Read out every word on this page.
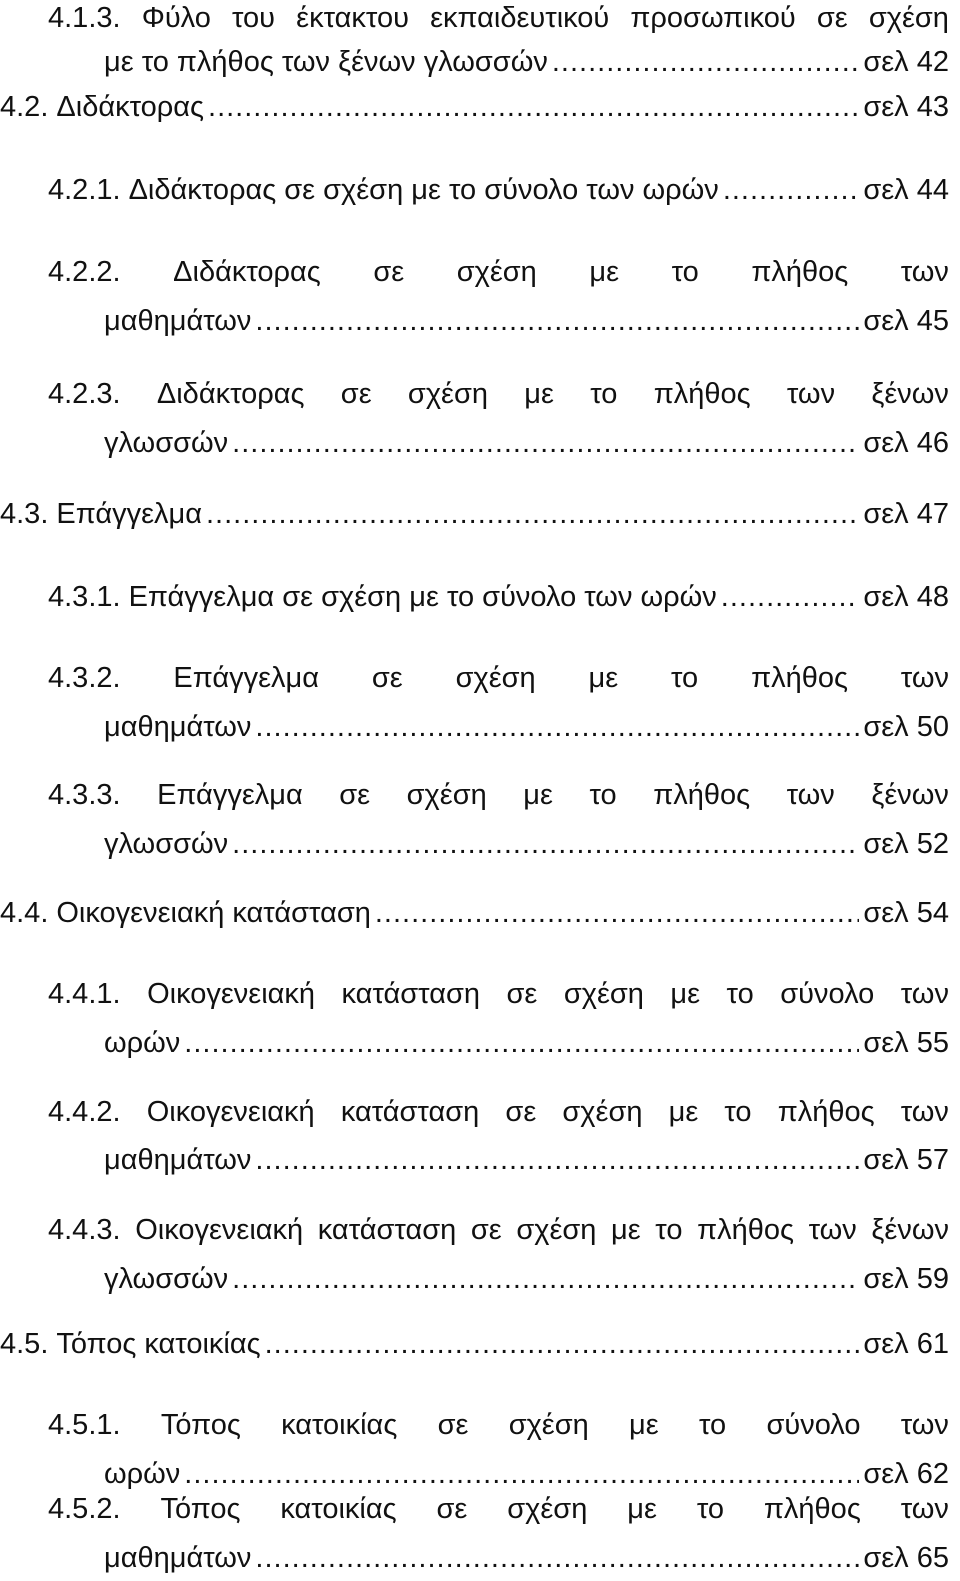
4.1.3. Φύλο του έκτακτου εκπαιδευτικού προσωπικού σε σχέση
με το πλήθος των ξένων γλωσσών .....	σελ 42
4.2. Διδάκτορας .....	σελ 43
4.2.1. Διδάκτορας σε σχέση με το σύνολο των ωρών .....	σελ 44
4.2.2. Διδάκτορας σε σχέση με το πλήθος των
μαθημάτων .....	σελ 45
4.2.3. Διδάκτορας σε σχέση με το πλήθος των ξένων
γλωσσών .....	σελ 46
4.3. Επάγγελμα .....	σελ 47
4.3.1. Επάγγελμα σε σχέση με το σύνολο των ωρών .....	σελ 48
4.3.2. Επάγγελμα σε σχέση με το πλήθος των
μαθημάτων .....	σελ 50
4.3.3. Επάγγελμα σε σχέση με το πλήθος των ξένων
γλωσσών .....	σελ 52
4.4. Οικογενειακή κατάσταση .....	σελ 54
4.4.1. Οικογενειακή κατάσταση σε σχέση με το σύνολο των
ωρών .....	σελ 55
4.4.2. Οικογενειακή κατάσταση σε σχέση με το πλήθος των
μαθημάτων .....	σελ 57
4.4.3. Οικογενειακή κατάσταση σε σχέση με το πλήθος των ξένων
γλωσσών .....	σελ 59
4.5. Τόπος κατοικίας .....	σελ 61
4.5.1. Τόπος κατοικίας σε σχέση με το σύνολο των
ωρών .....	σελ 62
4.5.2. Τόπος κατοικίας σε σχέση με το πλήθος των
μαθημάτων .....	σελ 65
